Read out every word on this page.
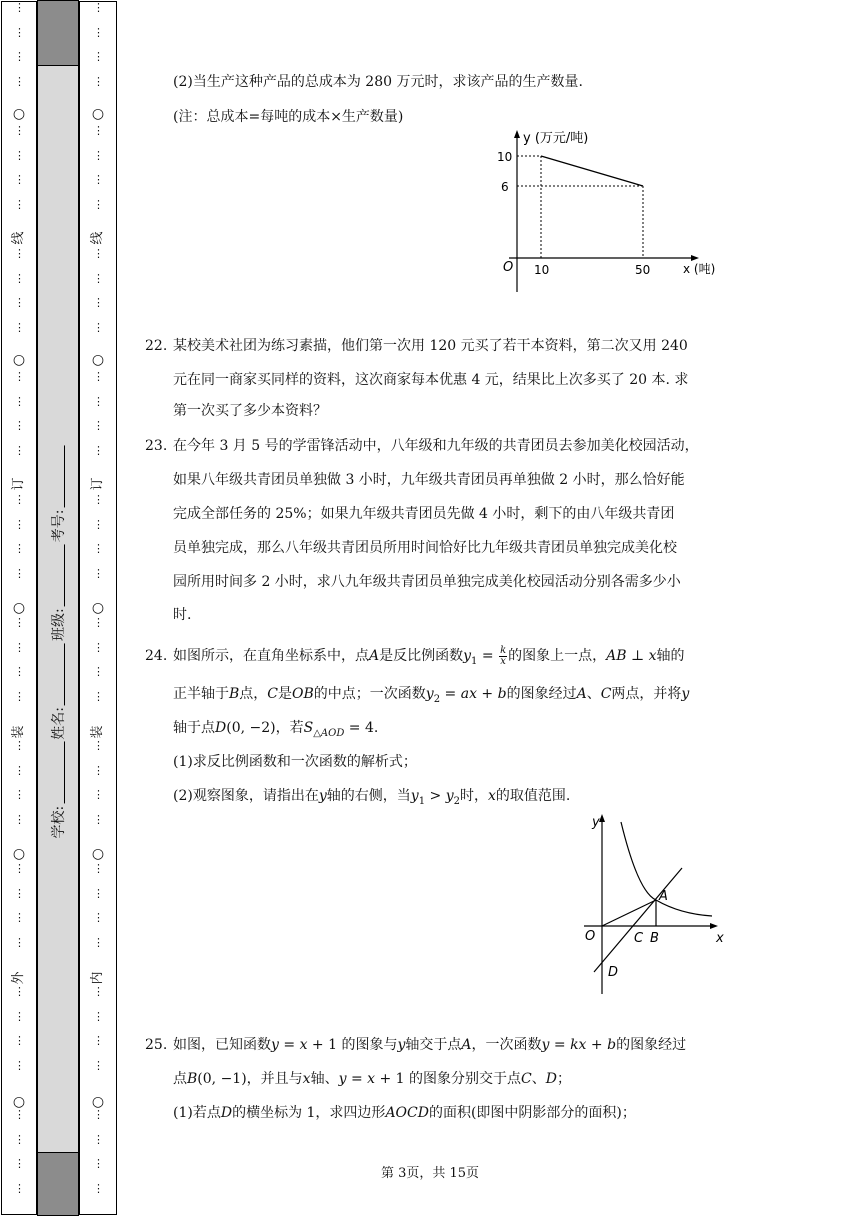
⋮
⋮
⋮
⋮
⋮
⋮
⋮
⋮
⋮
⋮
⋮
⋮
⋮
⋮
⋮
⋮
⋮
⋮
⋮
⋮
⋮
⋮
⋮
⋮
⋮
⋮
⋮
⋮
⋮
⋮
⋮
⋮
⋮
⋮
⋮
⋮
⋮
⋮
⋮
⋮
○
○
○
○
○
线
订
装
外
学校:
姓名:
班级:
考号:
⋮
⋮
⋮
⋮
⋮
⋮
⋮
⋮
⋮
⋮
⋮
⋮
⋮
⋮
⋮
⋮
⋮
⋮
⋮
⋮
⋮
⋮
⋮
⋮
⋮
⋮
⋮
⋮
⋮
⋮
⋮
⋮
⋮
⋮
⋮
⋮
⋮
⋮
⋮
⋮
○
○
○
○
○
线
订
装
内
(2)当生产这种产品的总成本为 280 万元时，求该产品的生产数量.
(注：总成本=每吨的成本×生产数量)
y (万元/吨)
10
6
O 10	50	x (吨)
22. 某校美术社团为练习素描，他们第一次用 120 元买了若干本资料，第二次又用 240
元在同一商家买同样的资料，这次商家每本优惠 4 元，结果比上次多买了 20 本. 求
第一次买了多少本资料？
23. 在今年 3 月 5 号的学雷锋活动中，八年级和九年级的共青团员去参加美化校园活动，
如果八年级共青团员单独做 3 小时，九年级共青团员再单独做 2 小时，那么恰好能
完成全部任务的 25%；如果九年级共青团员先做 4 小时，剩下的由八年级共青团
员单独完成，那么八年级共青团员所用时间恰好比九年级共青团员单独完成美化校
园所用时间多 2 小时，求八九年级共青团员单独完成美化校园活动分别各需多少小
时.
24. 如图所示，在直角坐标系中，点A是反比例函数$y_1 = \frac{k}{x}$ 的图象上一点，AB ⊥ x轴的
正半轴于B点，C是OB的中点；一次函数$y_2$ = ax + b的图象经过A、C两点，并将y
轴于点D(0, −2)，若$S_{\triangle AOD} = 4$.
(1)求反比例函数和一次函数的解析式；
(2)观察图象，请指出在y轴的右侧，当$y_1 > y_2$时，x的取值范围.
y
x
O
A
B
C
D
25. 如图，已知函数y = x + 1 的图象与y轴交于点A，一次函数y = kx + b的图象经过
点B(0, −1)，并且与x轴、y = x + 1 的图象分别交于点C、D；
(1)若点D的横坐标为 1，求四边形AOCD的面积(即图中阴影部分的面积)；
第 3页，共 15页
